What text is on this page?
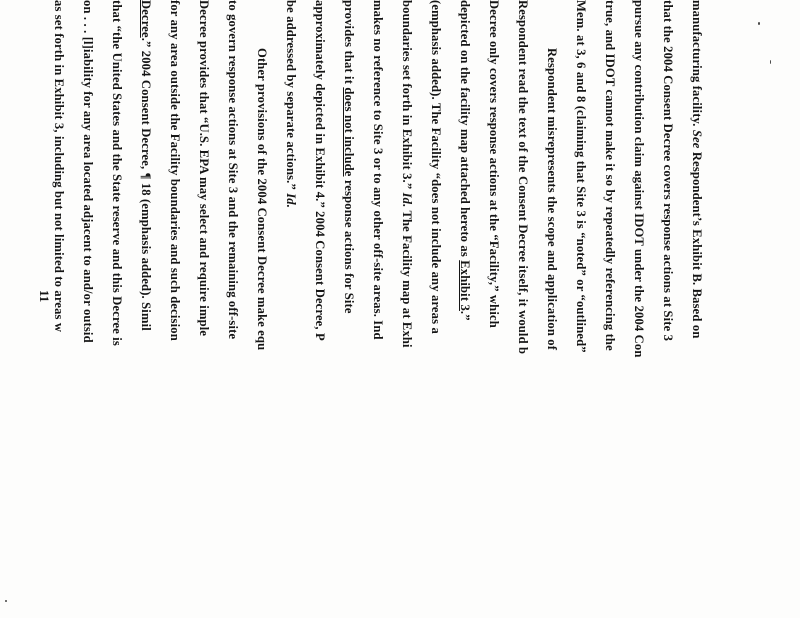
manufacturing facility. See Respondent’s Exhibit B. Based on
that the 2004 Consent Decree covers response actions at Site 3
pursue any contribution claim against IDOT under the 2004 Con
true, and IDOT cannot make it so by repeatedly referencing the
Mem. at 3, 6 and 8 (claiming that Site 3 is “noted” or “outlined”
Respondent misrepresents the scope and application of
Respondent read the text of the Consent Decree itself, it would b
Decree only covers response actions at the “Facility,” which
depicted on the facility map attached hereto as Exhibit 3.”
(emphasis added). The Facility “does not include any areas a
boundaries set forth in Exhibit 3.” Id. The Facility map at Exhi
makes no reference to Site 3 or to any other off-site areas. Ind
provides that it does not include response actions for Site
approximately depicted in Exhibit 4.” 2004 Consent Decree, P
be addressed by separate actions.” Id.
Other provisions of the 2004 Consent Decree make equ
to govern response actions at Site 3 and the remaining off-site
Decree provides that “U.S. EPA may select and require imple
for any area outside the Facility boundaries and such decision
Decree.” 2004 Consent Decree, ¶ 18 (emphasis added). Simil
that “the United States and the State reserve and this Decree is
on . . . [l]iability for any area located adjacent to and/or outsid
as set forth in Exhibit 3, including but not limited to areas w
11
